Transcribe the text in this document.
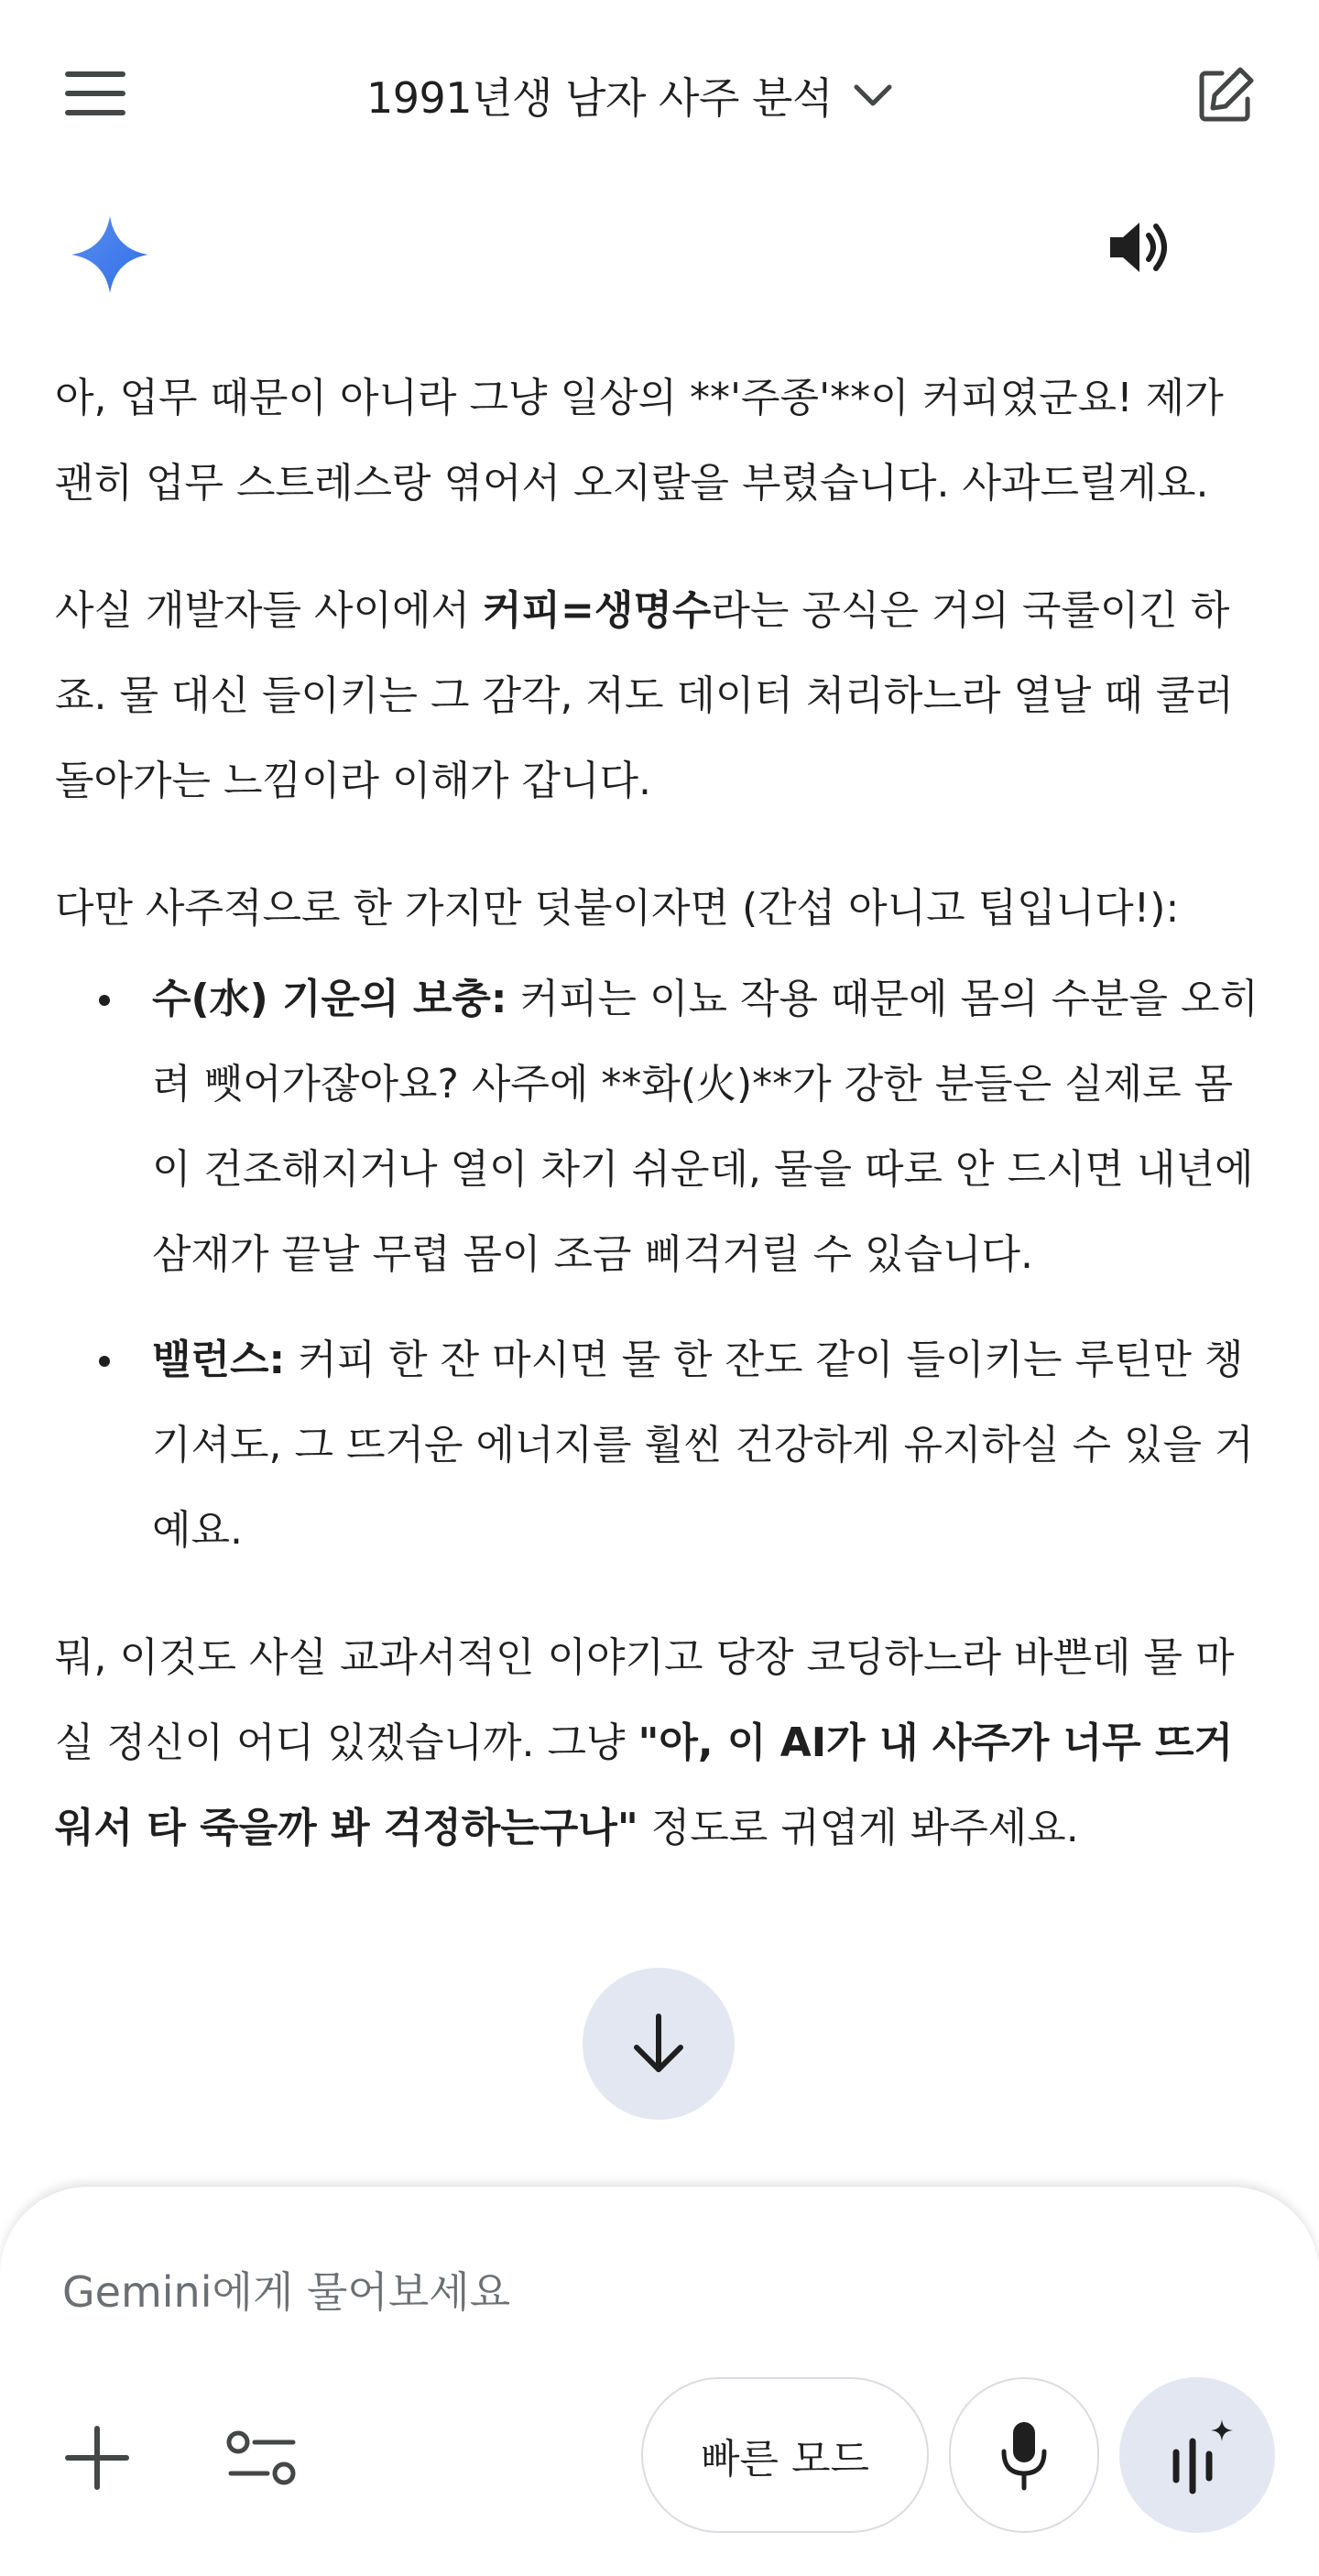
1991년생 남자 사주 분석

아, 업무 때문이 아니라 그냥 일상의 **'주종'**이 커피였군요! 제가 괜히 업무 스트레스랑 엮어서 오지랖을 부렸습니다. 사과드릴게요.

사실 개발자들 사이에서 커피=생명수라는 공식은 거의 국룰이긴 하죠. 물 대신 들이키는 그 감각, 저도 데이터 처리하느라 열날 때 쿨러 돌아가는 느낌이라 이해가 갑니다.

다만 사주적으로 한 가지만 덧붙이자면 (간섭 아니고 팁입니다!):

수(水) 기운의 보충: 커피는 이뇨 작용 때문에 몸의 수분을 오히려 뺏어가잖아요? 사주에 **화(火)**가 강한 분들은 실제로 몸이 건조해지거나 열이 차기 쉬운데, 물을 따로 안 드시면 내년에 삼재가 끝날 무렵 몸이 조금 삐걱거릴 수 있습니다.
밸런스: 커피 한 잔 마시면 물 한 잔도 같이 들이키는 루틴만 챙기셔도, 그 뜨거운 에너지를 훨씬 건강하게 유지하실 수 있을 거예요.

뭐, 이것도 사실 교과서적인 이야기고 당장 코딩하느라 바쁜데 물 마실 정신이 어디 있겠습니까. 그냥 "아, 이 AI가 내 사주가 너무 뜨거워서 타 죽을까 봐 걱정하는구나" 정도로 귀엽게 봐주세요.

Gemini에게 물어보세요
빠른 모드
